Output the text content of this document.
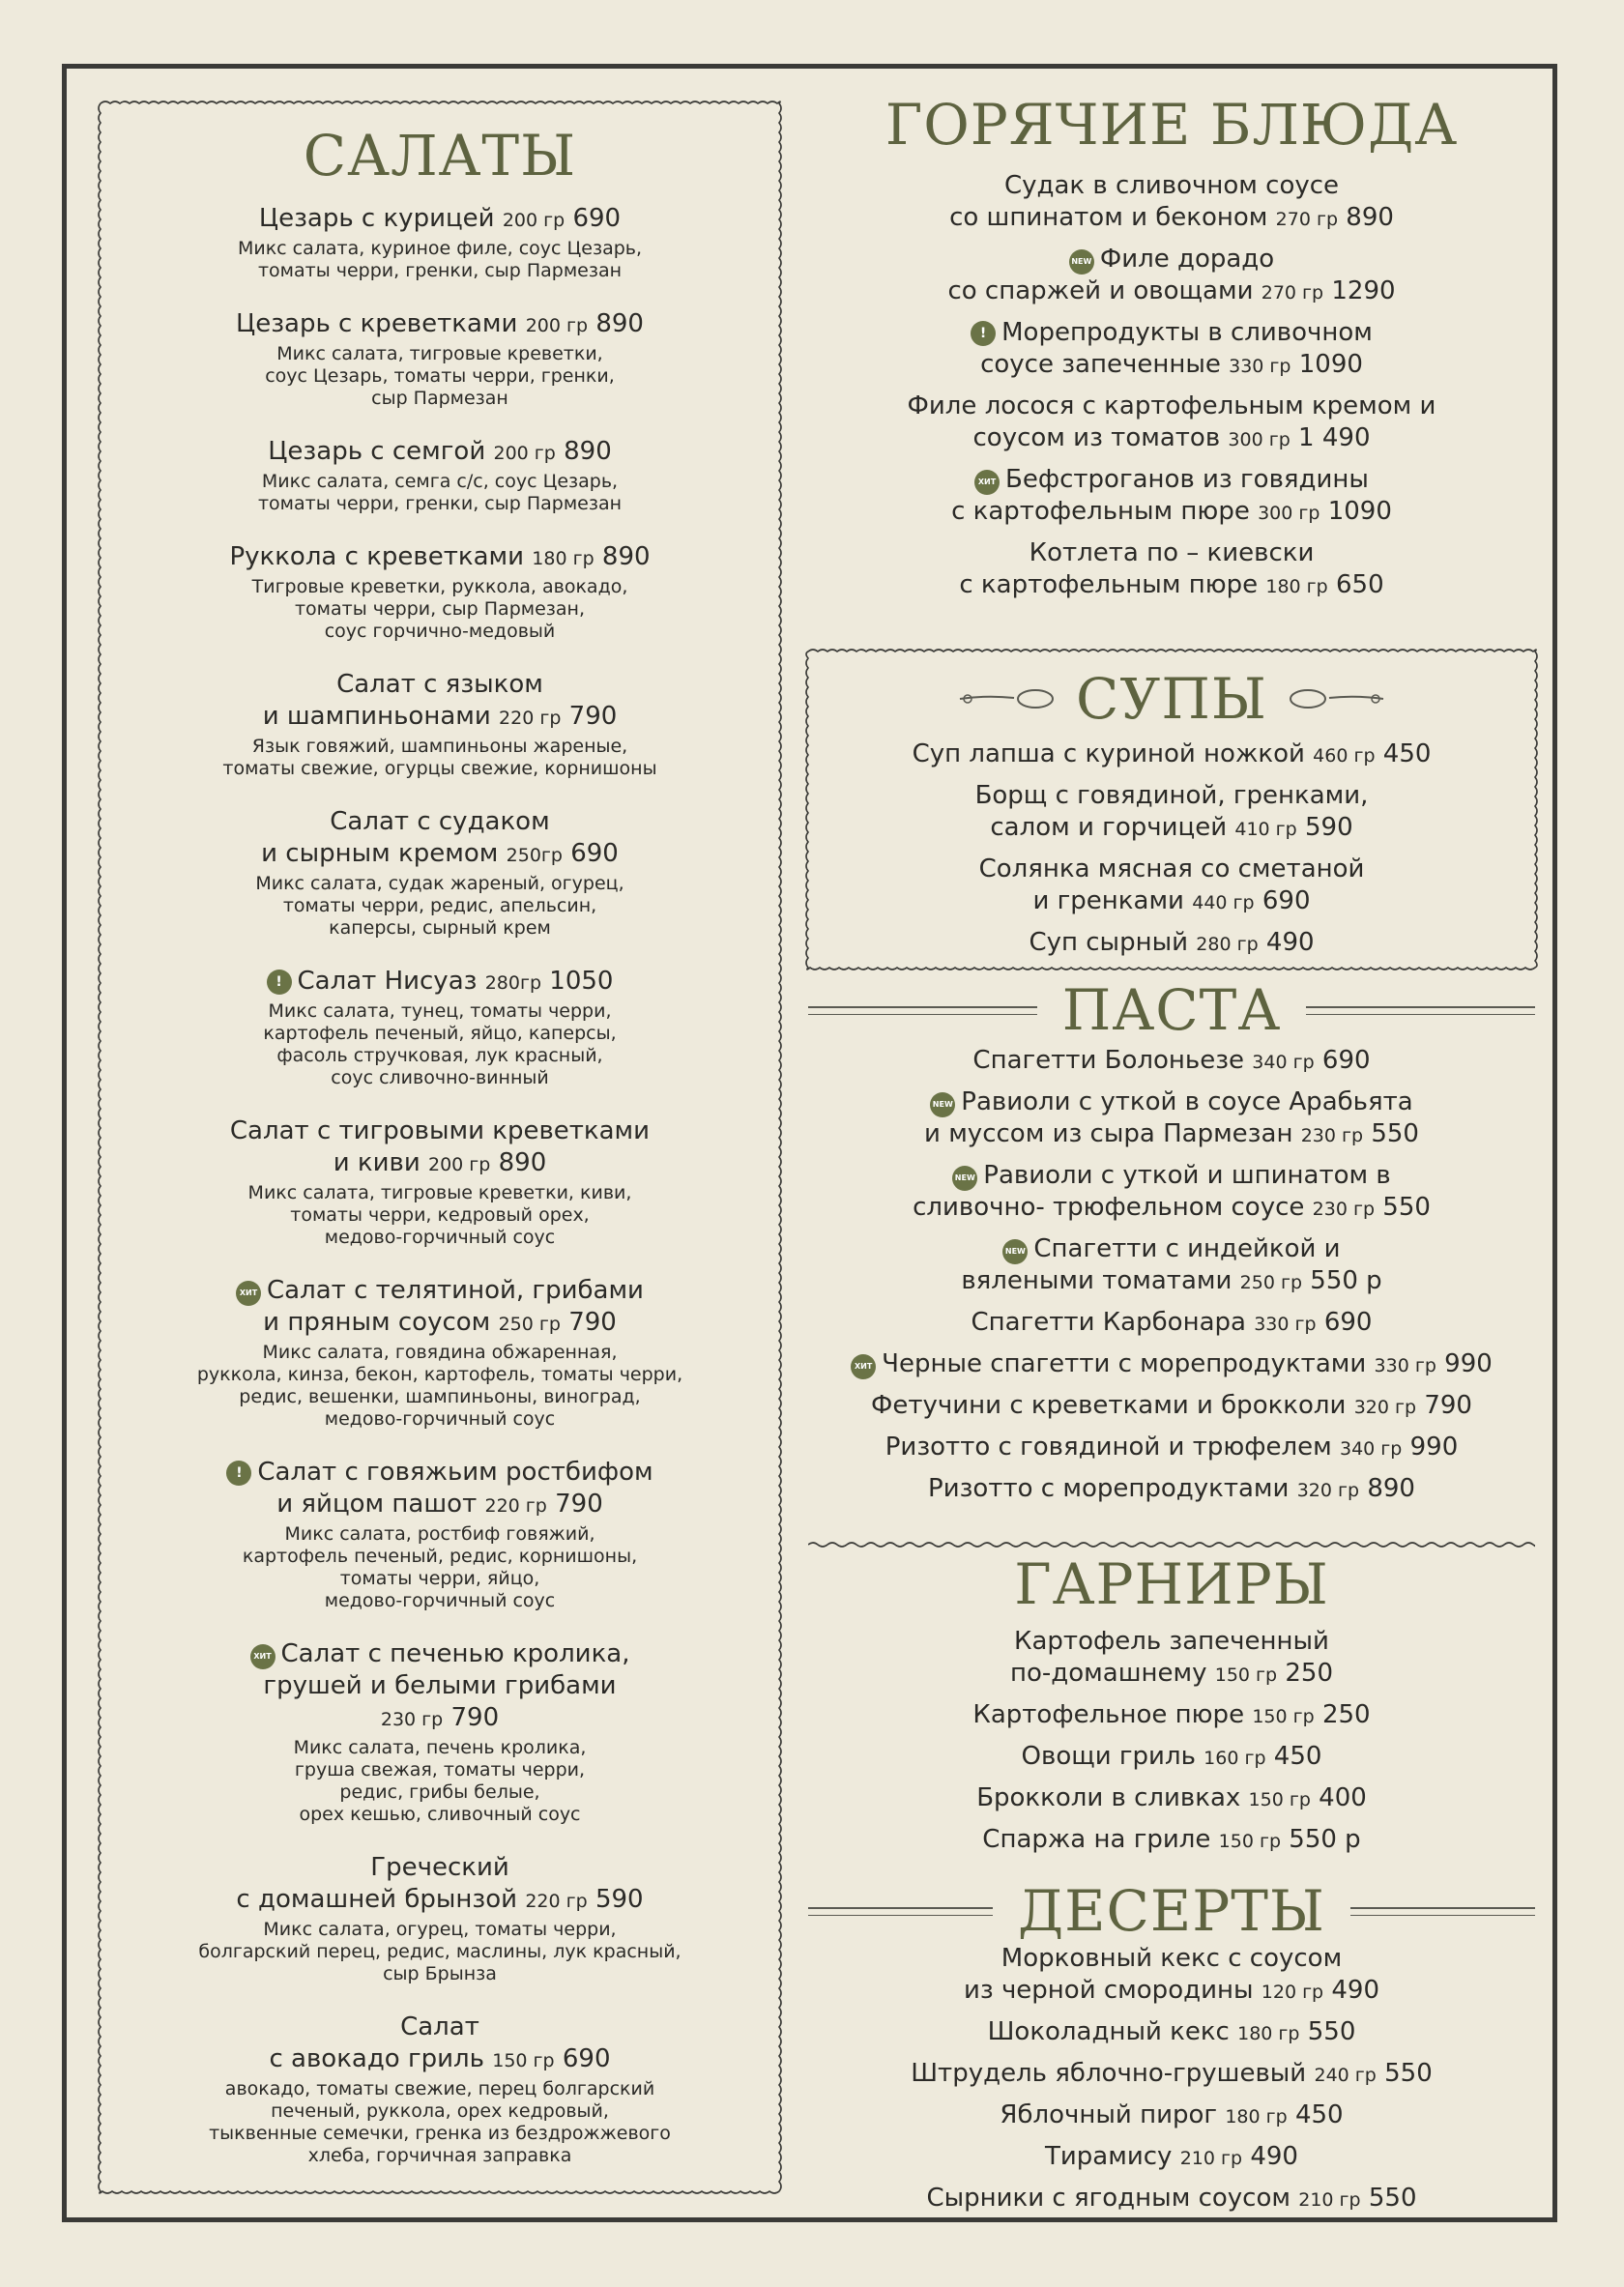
САЛАТЫ
Цезарь с курицей 200 гр 690
Микс салата, куриное филе, соус Цезарь,
томаты черри, гренки, сыр Пармезан
Цезарь с креветками 200 гр 890
Микс салата, тигровые креветки,
соус Цезарь, томаты черри, гренки,
сыр Пармезан
Цезарь с семгой 200 гр 890
Микс салата, семга с/с, соус Цезарь,
томаты черри, гренки, сыр Пармезан
Руккола с креветками 180 гр 890
Тигровые креветки, руккола, авокадо,
томаты черри, сыр Пармезан,
соус горчично-медовый
Салат с языком
и шампиньонами 220 гр 790
Язык говяжий, шампиньоны жареные,
томаты свежие, огурцы свежие, корнишоны
Салат с судаком
и сырным кремом 250гр 690
Микс салата, судак жареный, огурец,
томаты черри, редис, апельсин,
каперсы, сырный крем
! Салат Нисуаз 280гр 1050
Микс салата, тунец, томаты черри,
картофель печеный, яйцо, каперсы,
фасоль стручковая, лук красный,
соус сливочно-винный
Салат с тигровыми креветками
и киви 200 гр 890
Микс салата, тигровые креветки, киви,
томаты черри, кедровый орех,
медово-горчичный соус
ХИТ Салат с телятиной, грибами
и пряным соусом 250 гр 790
Микс салата, говядина обжаренная,
руккола, кинза, бекон, картофель, томаты черри,
редис, вешенки, шампиньоны, виноград,
медово-горчичный соус
! Салат с говяжьим ростбифом
и яйцом пашот 220 гр 790
Микс салата, ростбиф говяжий,
картофель печеный, редис, корнишоны,
томаты черри, яйцо,
медово-горчичный соус
ХИТ Салат с печенью кролика,
грушей и белыми грибами
230 гр 790
Микс салата, печень кролика,
груша свежая, томаты черри,
редис, грибы белые,
орех кешью, сливочный соус
Греческий
с домашней брынзой 220 гр 590
Микс салата, огурец, томаты черри,
болгарский перец, редис, маслины, лук красный,
сыр Брынза
Салат
с авокадо гриль 150 гр 690
авокадо, томаты свежие, перец болгарский
печеный, руккола, орех кедровый,
тыквенные семечки, гренка из бездрожжевого
хлеба, горчичная заправка
ГОРЯЧИЕ БЛЮДА
Судак в сливочном соусе
со шпинатом и беконом 270 гр 890
NEW Филе дорадо
со спаржей и овощами 270 гр 1290
! Морепродукты в сливочном
соусе запеченные 330 гр 1090
Филе лосося с картофельным кремом и
соусом из томатов 300 гр 1 490
ХИТ Бефстроганов из говядины
с картофельным пюре 300 гр 1090
Котлета по – киевски
с картофельным пюре 180 гр 650
СУПЫ
Суп лапша с куриной ножкой 460 гр 450
Борщ с говядиной, гренками,
салом и горчицей 410 гр 590
Солянка мясная со сметаной
и гренками 440 гр 690
Суп сырный 280 гр 490
ПАСТА
Спагетти Болоньезе 340 гр 690
NEW Равиоли с уткой в соусе Арабьята
и муссом из сыра Пармезан 230 гр 550
NEW Равиоли с уткой и шпинатом в
сливочно- трюфельном соусе 230 гр 550
NEW Спагетти с индейкой и
вялеными томатами 250 гр 550 р
Спагетти Карбонара 330 гр 690
ХИТ Черные спагетти с морепродуктами 330 гр 990
Фетучини с креветками и брокколи 320 гр 790
Ризотто с говядиной и трюфелем 340 гр 990
Ризотто с морепродуктами 320 гр 890
ГАРНИРЫ
Картофель запеченный
по-домашнему 150 гр 250
Картофельное пюре 150 гр 250
Овощи гриль 160 гр 450
Брокколи в сливках 150 гр 400
Спаржа на гриле 150 гр 550 р
ДЕСЕРТЫ
Морковный кекс с соусом
из черной смородины 120 гр 490
Шоколадный кекс 180 гр 550
Штрудель яблочно-грушевый 240 гр 550
Яблочный пирог 180 гр 450
Тирамису 210 гр 490
Сырники с ягодным соусом 210 гр 550
